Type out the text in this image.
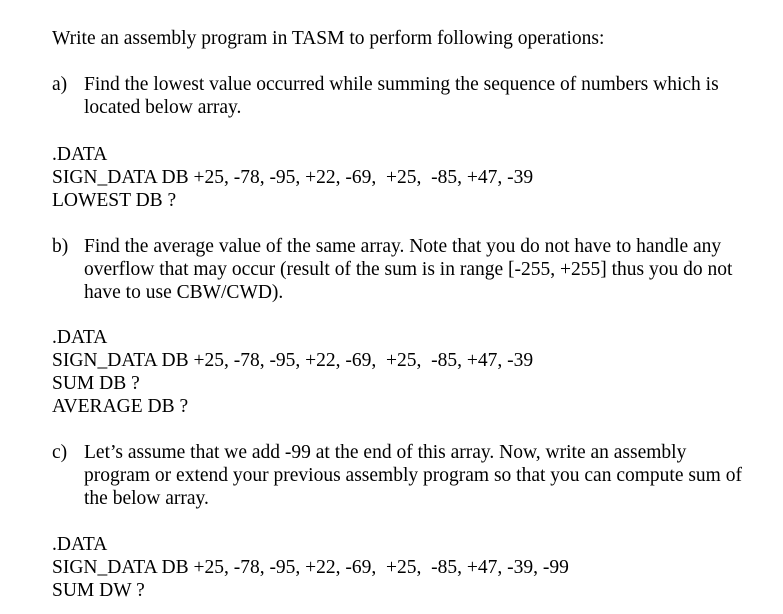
Write an assembly program in TASM to perform following operations:

a) Find the lowest value occurred while summing the sequence of numbers which is

located below array.

.DATA

SIGN_DATA DB +25, -78, -95, +22, -69,  +25,  -85, +47, -39

LOWEST DB ?

b) Find the average value of the same array. Note that you do not have to handle any

overflow that may occur (result of the sum is in range [-255, +255] thus you do not

have to use CBW/CWD).

.DATA

SIGN_DATA DB +25, -78, -95, +22, -69,  +25,  -85, +47, -39

SUM DB ?

AVERAGE DB ?

c) Let’s assume that we add -99 at the end of this array. Now, write an assembly

program or extend your previous assembly program so that you can compute sum of

the below array.

.DATA

SIGN_DATA DB +25, -78, -95, +22, -69,  +25,  -85, +47, -39, -99

SUM DW ?
